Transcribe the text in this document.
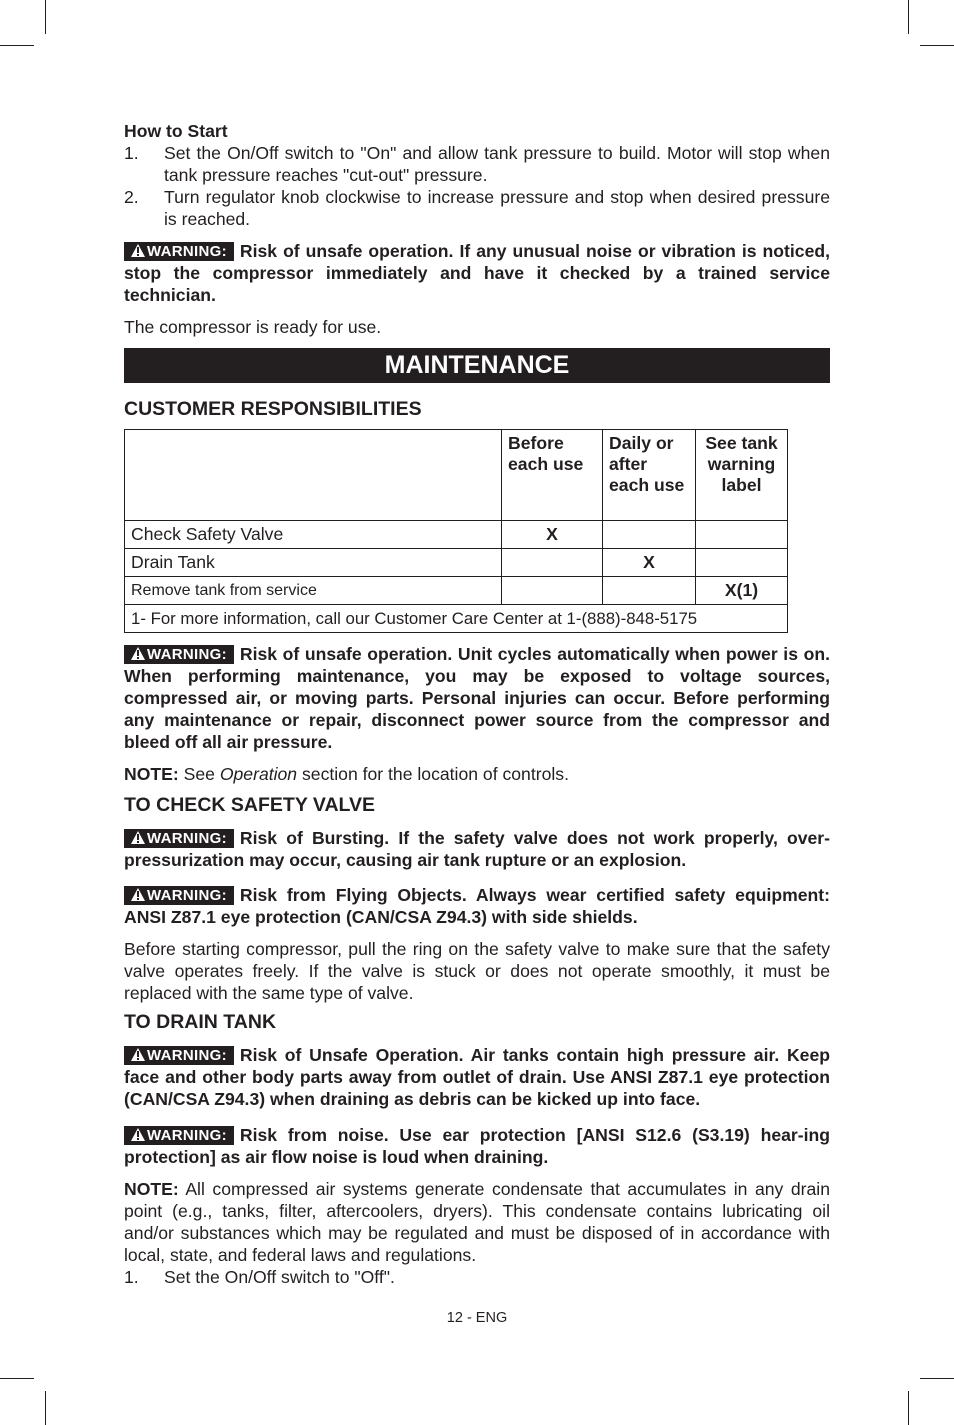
How to Start
1. Set the On/Off switch to "On" and allow tank pressure to build. Motor will stop when tank pressure reaches "cut-out" pressure.
2. Turn regulator knob clockwise to increase pressure and stop when desired pressure is reached.
WARNING: Risk of unsafe operation. If any unusual noise or vibration is noticed, stop the compressor immediately and have it checked by a trained service technician.

The compressor is ready for use.

MAINTENANCE
CUSTOMER RESPONSIBILITIES
	Before each use	Daily or after each use	See tank warning label
Check Safety Valve	X		
Drain Tank		X	
Remove tank from service			X(1)
1- For more information, call our Customer Care Center at 1-(888)-848-5175			
WARNING: Risk of unsafe operation. Unit cycles automatically when power is on. When performing maintenance, you may be exposed to voltage sources, compressed air, or moving parts. Personal injuries can occur. Before performing any maintenance or repair, disconnect power source from the compressor and bleed off all air pressure.

NOTE: See Operation section for the location of controls.

TO CHECK SAFETY VALVE
WARNING: Risk of Bursting. If the safety valve does not work properly, over-pressurization may occur, causing air tank rupture or an explosion.
WARNING: Risk from Flying Objects. Always wear certified safety equipment: ANSI Z87.1 eye protection (CAN/CSA Z94.3) with side shields.

Before starting compressor, pull the ring on the safety valve to make sure that the safety valve operates freely. If the valve is stuck or does not operate smoothly, it must be replaced with the same type of valve.

TO DRAIN TANK
WARNING: Risk of Unsafe Operation. Air tanks contain high pressure air. Keep face and other body parts away from outlet of drain. Use ANSI Z87.1 eye protection (CAN/CSA Z94.3) when draining as debris can be kicked up into face.
WARNING: Risk from noise. Use ear protection [ANSI S12.6 (S3.19) hear-ing protection] as air flow noise is loud when draining.

NOTE: All compressed air systems generate condensate that accumulates in any drain point (e.g., tanks, filter, aftercoolers, dryers). This condensate contains lubricating oil and/or substances which may be regulated and must be disposed of in accordance with local, state, and federal laws and regulations.

1. Set the On/Off switch to "Off".
12 - ENG
